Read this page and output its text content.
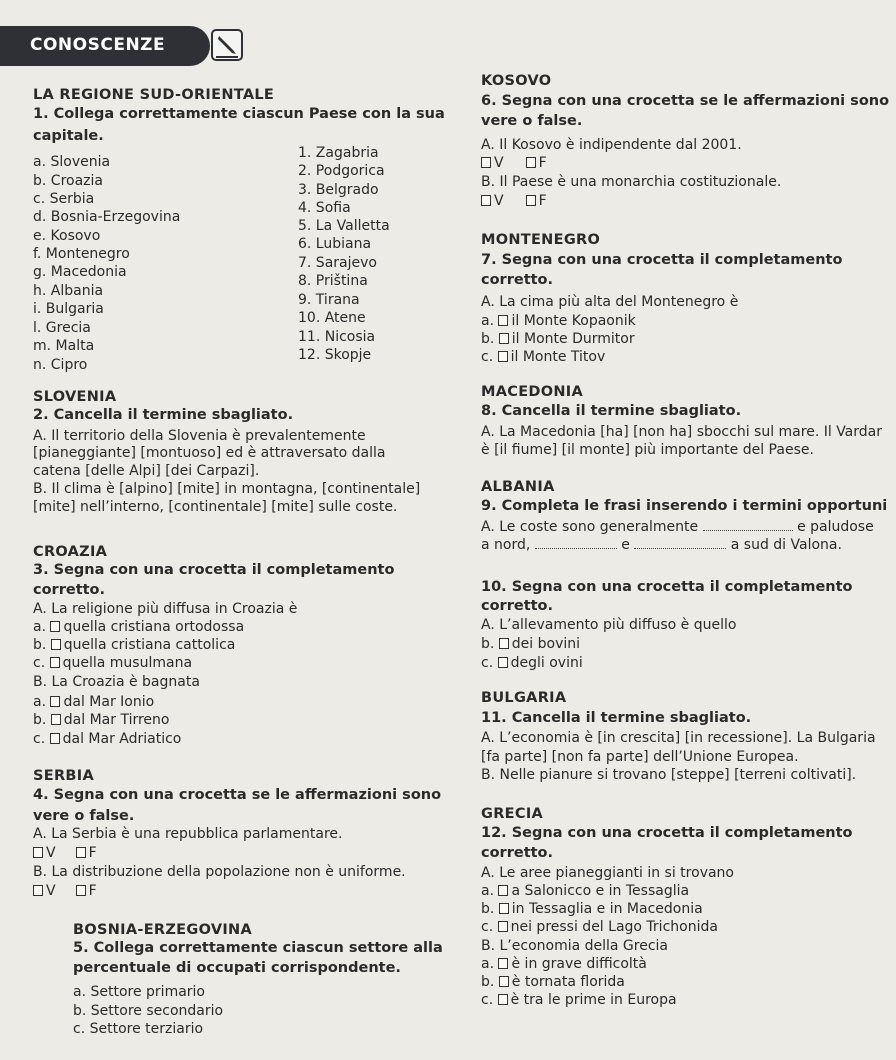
CONOSCENZE
LA REGIONE SUD-ORIENTALE
1. Collega correttamente ciascun Paese con la sua
capitale.
a. Slovenia
b. Croazia
c. Serbia
d. Bosnia-Erzegovina
e. Kosovo
f. Montenegro
g. Macedonia
h. Albania
i. Bulgaria
l. Grecia
m. Malta
n. Cipro
1. Zagabria
2. Podgorica
3. Belgrado
4. Sofia
5. La Valletta
6. Lubiana
7. Sarajevo
8. Priština
9. Tirana
10. Atene
11. Nicosia
12. Skopje
SLOVENIA
2. Cancella il termine sbagliato.
A. Il territorio della Slovenia è prevalentemente
[pianeggiante] [montuoso] ed è attraversato dalla
catena [delle Alpi] [dei Carpazi].
B. Il clima è [alpino] [mite] in montagna, [continentale]
[mite] nell’interno, [continentale] [mite] sulle coste.
CROAZIA
3. Segna con una crocetta il completamento
corretto.
A. La religione più diffusa in Croazia è
a. quella cristiana ortodossa
b. quella cristiana cattolica
c. quella musulmana
B. La Croazia è bagnata
a. dal Mar Ionio
b. dal Mar Tirreno
c. dal Mar Adriatico
SERBIA
4. Segna con una crocetta se le affermazioni sono
vere o false.
A. La Serbia è una repubblica parlamentare.
V F
B. La distribuzione della popolazione non è uniforme.
V F
BOSNIA-ERZEGOVINA
5. Collega correttamente ciascun settore alla
percentuale di occupati corrispondente.
a. Settore primario
b. Settore secondario
c. Settore terziario
KOSOVO
6. Segna con una crocetta se le affermazioni sono
vere o false.
A. Il Kosovo è indipendente dal 2001.
V	F
B. Il Paese è una monarchia costituzionale.
V	F
MONTENEGRO
7. Segna con una crocetta il completamento
corretto.
A. La cima più alta del Montenegro è
a. il Monte Kopaonik
b. il Monte Durmitor
c. il Monte Titov
MACEDONIA
8. Cancella il termine sbagliato.
A. La Macedonia [ha] [non ha] sbocchi sul mare. Il Vardar
è [il fiume] [il monte] più importante del Paese.
ALBANIA
9. Completa le frasi inserendo i termini opportuni
A. Le coste sono generalmente	e paludose
a nord,	e	a sud di Valona.
10. Segna con una crocetta il completamento
corretto.
A. L’allevamento più diffuso è quello
b. dei bovini
c. degli ovini
BULGARIA
11. Cancella il termine sbagliato.
A. L’economia è [in crescita] [in recessione]. La Bulgaria
[fa parte] [non fa parte] dell’Unione Europea.
B. Nelle pianure si trovano [steppe] [terreni coltivati].
GRECIA
12. Segna con una crocetta il completamento
corretto.
A. Le aree pianeggianti in si trovano
a. a Salonicco e in Tessaglia
b. in Tessaglia e in Macedonia
c. nei pressi del Lago Trichonida
B. L’economia della Grecia
a. è in grave difficoltà
b. è tornata florida
c. è tra le prime in Europa
